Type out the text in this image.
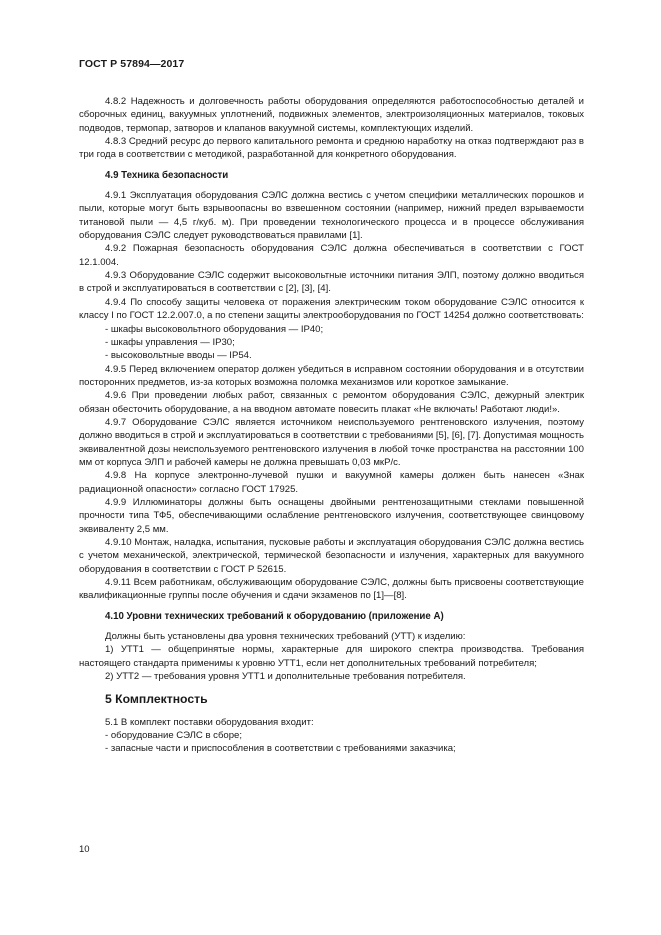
ГОСТ Р 57894—2017

4.8.2 Надежность и долговечность работы оборудования определяются работоспособностью деталей и сборочных единиц, вакуумных уплотнений, подвижных элементов, электроизоляционных материалов, токовых подводов, термопар, затворов и клапанов вакуумной системы, комплектующих изделий.

4.8.3 Средний ресурс до первого капитального ремонта и среднюю наработку на отказ подтверждают раз в три года в соответствии с методикой, разработанной для конкретного оборудования.

4.9 Техника безопасности

4.9.1 Эксплуатация оборудования СЭЛС должна вестись с учетом специфики металлических порошков и пыли, которые могут быть взрывоопасны во взвешенном состоянии (например, нижний предел взрываемости титановой пыли — 4,5 г/куб. м). При проведении технологического процесса и в процессе обслуживания оборудования СЭЛС следует руководствоваться правилами [1].

4.9.2 Пожарная безопасность оборудования СЭЛС должна обеспечиваться в соответствии с ГОСТ 12.1.004.

4.9.3 Оборудование СЭЛС содержит высоковольтные источники питания ЭЛП, поэтому должно вводиться в строй и эксплуатироваться в соответствии с [2], [3], [4].

4.9.4 По способу защиты человека от поражения электрическим током оборудование СЭЛС относится к классу I по ГОСТ 12.2.007.0, а по степени защиты электрооборудования по ГОСТ 14254 должно соответствовать:

- шкафы высоковольтного оборудования — IP40;

- шкафы управления — IP30;

- высоковольтные вводы — IP54.

4.9.5 Перед включением оператор должен убедиться в исправном состоянии оборудования и в отсутствии посторонних предметов, из-за которых возможна поломка механизмов или короткое замыкание.

4.9.6 При проведении любых работ, связанных с ремонтом оборудования СЭЛС, дежурный электрик обязан обесточить оборудование, а на вводном автомате повесить плакат «Не включать! Работают люди!».

4.9.7 Оборудование СЭЛС является источником неиспользуемого рентгеновского излучения, поэтому должно вводиться в строй и эксплуатироваться в соответствии с требованиями [5], [6], [7]. Допустимая мощность эквивалентной дозы неиспользуемого рентгеновского излучения в любой точке пространства на расстоянии 100 мм от корпуса ЭЛП и рабочей камеры не должна превышать 0,03 мкР/с.

4.9.8 На корпусе электронно-лучевой пушки и вакуумной камеры должен быть нанесен «Знак радиационной опасности» согласно ГОСТ 17925.

4.9.9 Иллюминаторы должны быть оснащены двойными рентгенозащитными стеклами повышенной прочности типа ТФ5, обеспечивающими ослабление рентгеновского излучения, соответствующее свинцовому эквиваленту 2,5 мм.

4.9.10 Монтаж, наладка, испытания, пусковые работы и эксплуатация оборудования СЭЛС должна вестись с учетом механической, электрической, термической безопасности и излучения, характерных для вакуумного оборудования в соответствии с ГОСТ Р 52615.

4.9.11 Всем работникам, обслуживающим оборудование СЭЛС, должны быть присвоены соответствующие квалификационные группы после обучения и сдачи экзаменов по [1]—[8].

4.10 Уровни технических требований к оборудованию (приложение А)

Должны быть установлены два уровня технических требований (УТТ) к изделию:

1) УТТ1 — общепринятые нормы, характерные для широкого спектра производства. Требования настоящего стандарта применимы к уровню УТТ1, если нет дополнительных требований потребителя;

2) УТТ2 — требования уровня УТТ1 и дополнительные требования потребителя.

5 Комплектность

5.1 В комплект поставки оборудования входит:

- оборудование СЭЛС в сборе;

- запасные части и приспособления в соответствии с требованиями заказчика;

10
